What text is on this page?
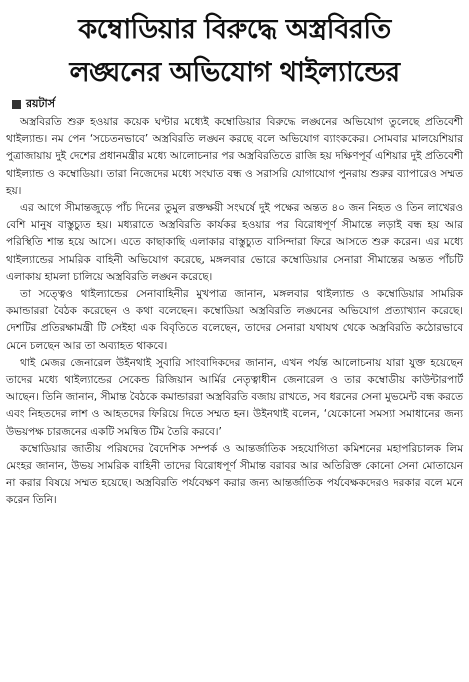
কম্বোডিয়ার বিরুদ্ধে অস্ত্রবিরতি
লঙ্ঘনের অভিযোগ থাইল্যান্ডের
রয়টার্স

অস্ত্রবিরতি শুরু হওয়ার কয়েক ঘণ্টার মধ্যেই কম্বোডিয়ার বিরুদ্ধে লঙ্ঘনের অভিযোগ তুলেছে প্রতিবেশী থাইল্যান্ড। নম পেন ‘সচেতনভাবে’ অস্ত্রবিরতি লঙ্ঘন করছে বলে অভিযোগ ব্যাংককের। সোমবার মালয়েশিয়ার পুত্রাজায়ায় দুই দেশের প্রধানমন্ত্রীর মধ্যে আলোচনার পর অস্ত্রবিরতিতে রাজি হয় দক্ষিণপূর্ব এশিয়ার দুই প্রতিবেশী থাইল্যান্ড ও কম্বোডিয়া। তারা নিজেদের মধ্যে সংঘাত বন্ধ ও সরাসরি যোগাযোগ পুনরায় শুরুর ব্যাপারেও সম্মত হয়।

এর আগে সীমান্তজুড়ে পাঁচ দিনের তুমুল রক্তক্ষয়ী সংঘর্ষে দুই পক্ষের অন্তত ৪০ জন নিহত ও তিন লাখেরও বেশি মানুষ বাস্তুচ্যুত হয়। মধ্যরাতে অস্ত্রবিরতি কার্যকর হওয়ার পর বিরোধপূর্ণ সীমান্তে লড়াই বন্ধ হয় আর পরিস্থিতি শান্ত হয়ে আসে। এতে কাছাকাছি এলাকার বাস্তুচ্যুত বাসিন্দারা ফিরে আসতে শুরু করেন। এর মধ্যে থাইল্যান্ডের সামরিক বাহিনী অভিযোগ করেছে, মঙ্গলবার ভোরে কম্বোডিয়ার সেনারা সীমান্তের অন্তত পাঁচটি এলাকায় হামলা চালিয়ে অস্ত্রবিরতি লঙ্ঘন করেছে।

তা সত্ত্বেও থাইল্যান্ডের সেনাবাহিনীর মুখপাত্র জানান, মঙ্গলবার থাইল্যান্ড ও কম্বোডিয়ার সামরিক কমান্ডাররা বৈঠক করেছেন ও কথা বলেছেন। কম্বোডিয়া অস্ত্রবিরতি লঙ্ঘনের অভিযোগ প্রত্যাখ্যান করেছে। দেশটির প্রতিরক্ষামন্ত্রী টি সেইহা এক বিবৃতিতে বলেছেন, তাদের সেনারা যথাযথ থেকে অস্ত্রবিরতি কঠোরভাবে মেনে চলছেন আর তা অব্যাহত থাকবে।

থাই মেজর জেনারেল উইনথাই সুবারি সাংবাদিকদের জানান, এখন পর্যন্ত আলোচনায় যারা যুক্ত হয়েছেন তাদের মধ্যে থাইল্যান্ডের সেকেন্ড রিজিয়ান আর্মির নেতৃত্বাধীন জেনারেল ও তার কম্বোডীয় কাউন্টারপার্ট আছেন। তিনি জানান, সীমান্ত বৈঠকে কমান্ডাররা অস্ত্রবিরতি বজায় রাখতে, সব ধরনের সেনা মুভমেন্ট বন্ধ করতে এবং নিহতদের লাশ ও আহতদের ফিরিয়ে দিতে সম্মত হন। উইনথাই বলেন, ‘যেকোনো সমস্যা সমাধানের জন্য উভয়পক্ষ চারজনের একটি সমন্বিত টিম তৈরি করবে।’

কম্বোডিয়ার জাতীয় পরিষদের বৈদেশিক সম্পর্ক ও আন্তর্জাতিক সহযোগিতা কমিশনের মহাপরিচালক লিম মেংহর জানান, উভয় সামরিক বাহিনী তাদের বিরোধপূর্ণ সীমান্ত বরাবর আর অতিরিক্ত কোনো সেনা মোতায়েন না করার বিষয়ে সম্মত হয়েছে। অস্ত্রবিরতি পর্যবেক্ষণ করার জন্য আন্তর্জাতিক পর্যবেক্ষকদেরও দরকার বলে মনে করেন তিনি।
